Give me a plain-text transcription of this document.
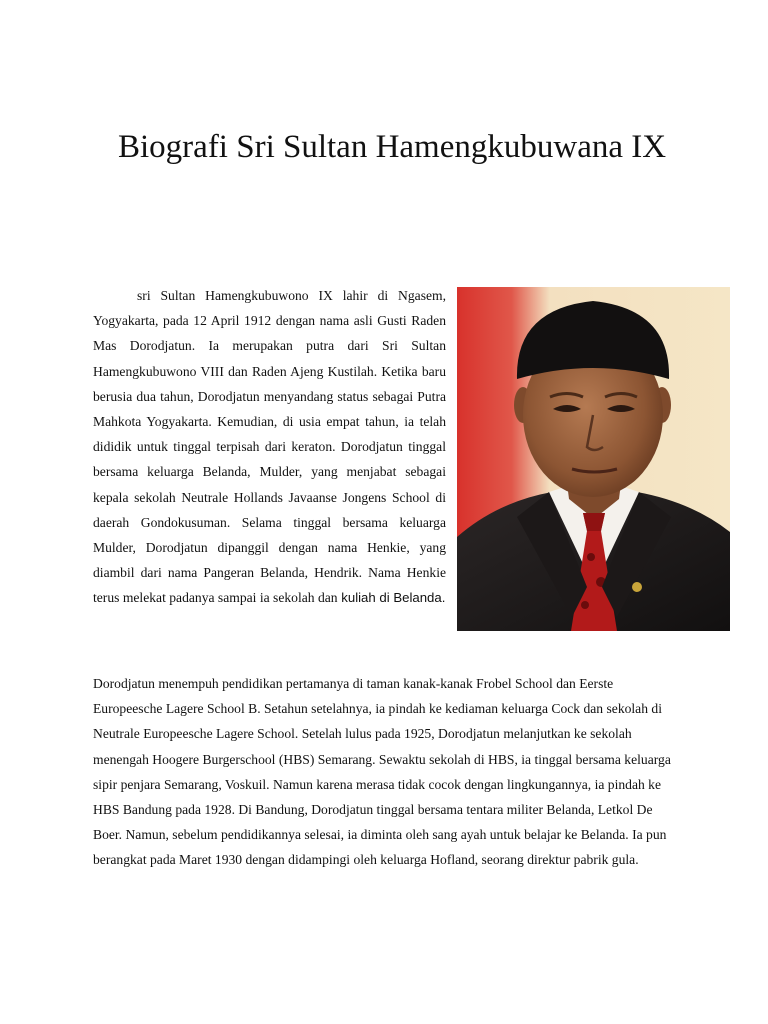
Biografi Sri Sultan Hamengkubuwana IX

sri Sultan Hamengkubuwono IX lahir di Ngasem, Yogyakarta, pada 12 April 1912 dengan nama asli Gusti Raden Mas Dorodjatun. Ia merupakan putra dari Sri Sultan Hamengkubuwono VIII dan Raden Ajeng Kustilah. Ketika baru berusia dua tahun, Dorodjatun menyandang status sebagai Putra Mahkota Yogyakarta. Kemudian, di usia empat tahun, ia telah dididik untuk tinggal terpisah dari keraton. Dorodjatun tinggal bersama keluarga Belanda, Mulder, yang menjabat sebagai kepala sekolah Neutrale Hollands Javaanse Jongens School di daerah Gondokusuman. Selama tinggal bersama keluarga Mulder, Dorodjatun dipanggil dengan nama Henkie, yang diambil dari nama Pangeran Belanda, Hendrik. Nama Henkie terus melekat padanya sampai ia sekolah dan kuliah di Belanda.

Dorodjatun menempuh pendidikan pertamanya di taman kanak-kanak Frobel School dan Eerste Europeesche Lagere School B. Setahun setelahnya, ia pindah ke kediaman keluarga Cock dan sekolah di Neutrale Europeesche Lagere School. Setelah lulus pada 1925, Dorodjatun melanjutkan ke sekolah menengah Hoogere Burgerschool (HBS) Semarang. Sewaktu sekolah di HBS, ia tinggal bersama keluarga sipir penjara Semarang, Voskuil. Namun karena merasa tidak cocok dengan lingkungannya, ia pindah ke HBS Bandung pada 1928. Di Bandung, Dorodjatun tinggal bersama tentara militer Belanda, Letkol De Boer. Namun, sebelum pendidikannya selesai, ia diminta oleh sang ayah untuk belajar ke Belanda. Ia pun berangkat pada Maret 1930 dengan didampingi oleh keluarga Hofland, seorang direktur pabrik gula.
